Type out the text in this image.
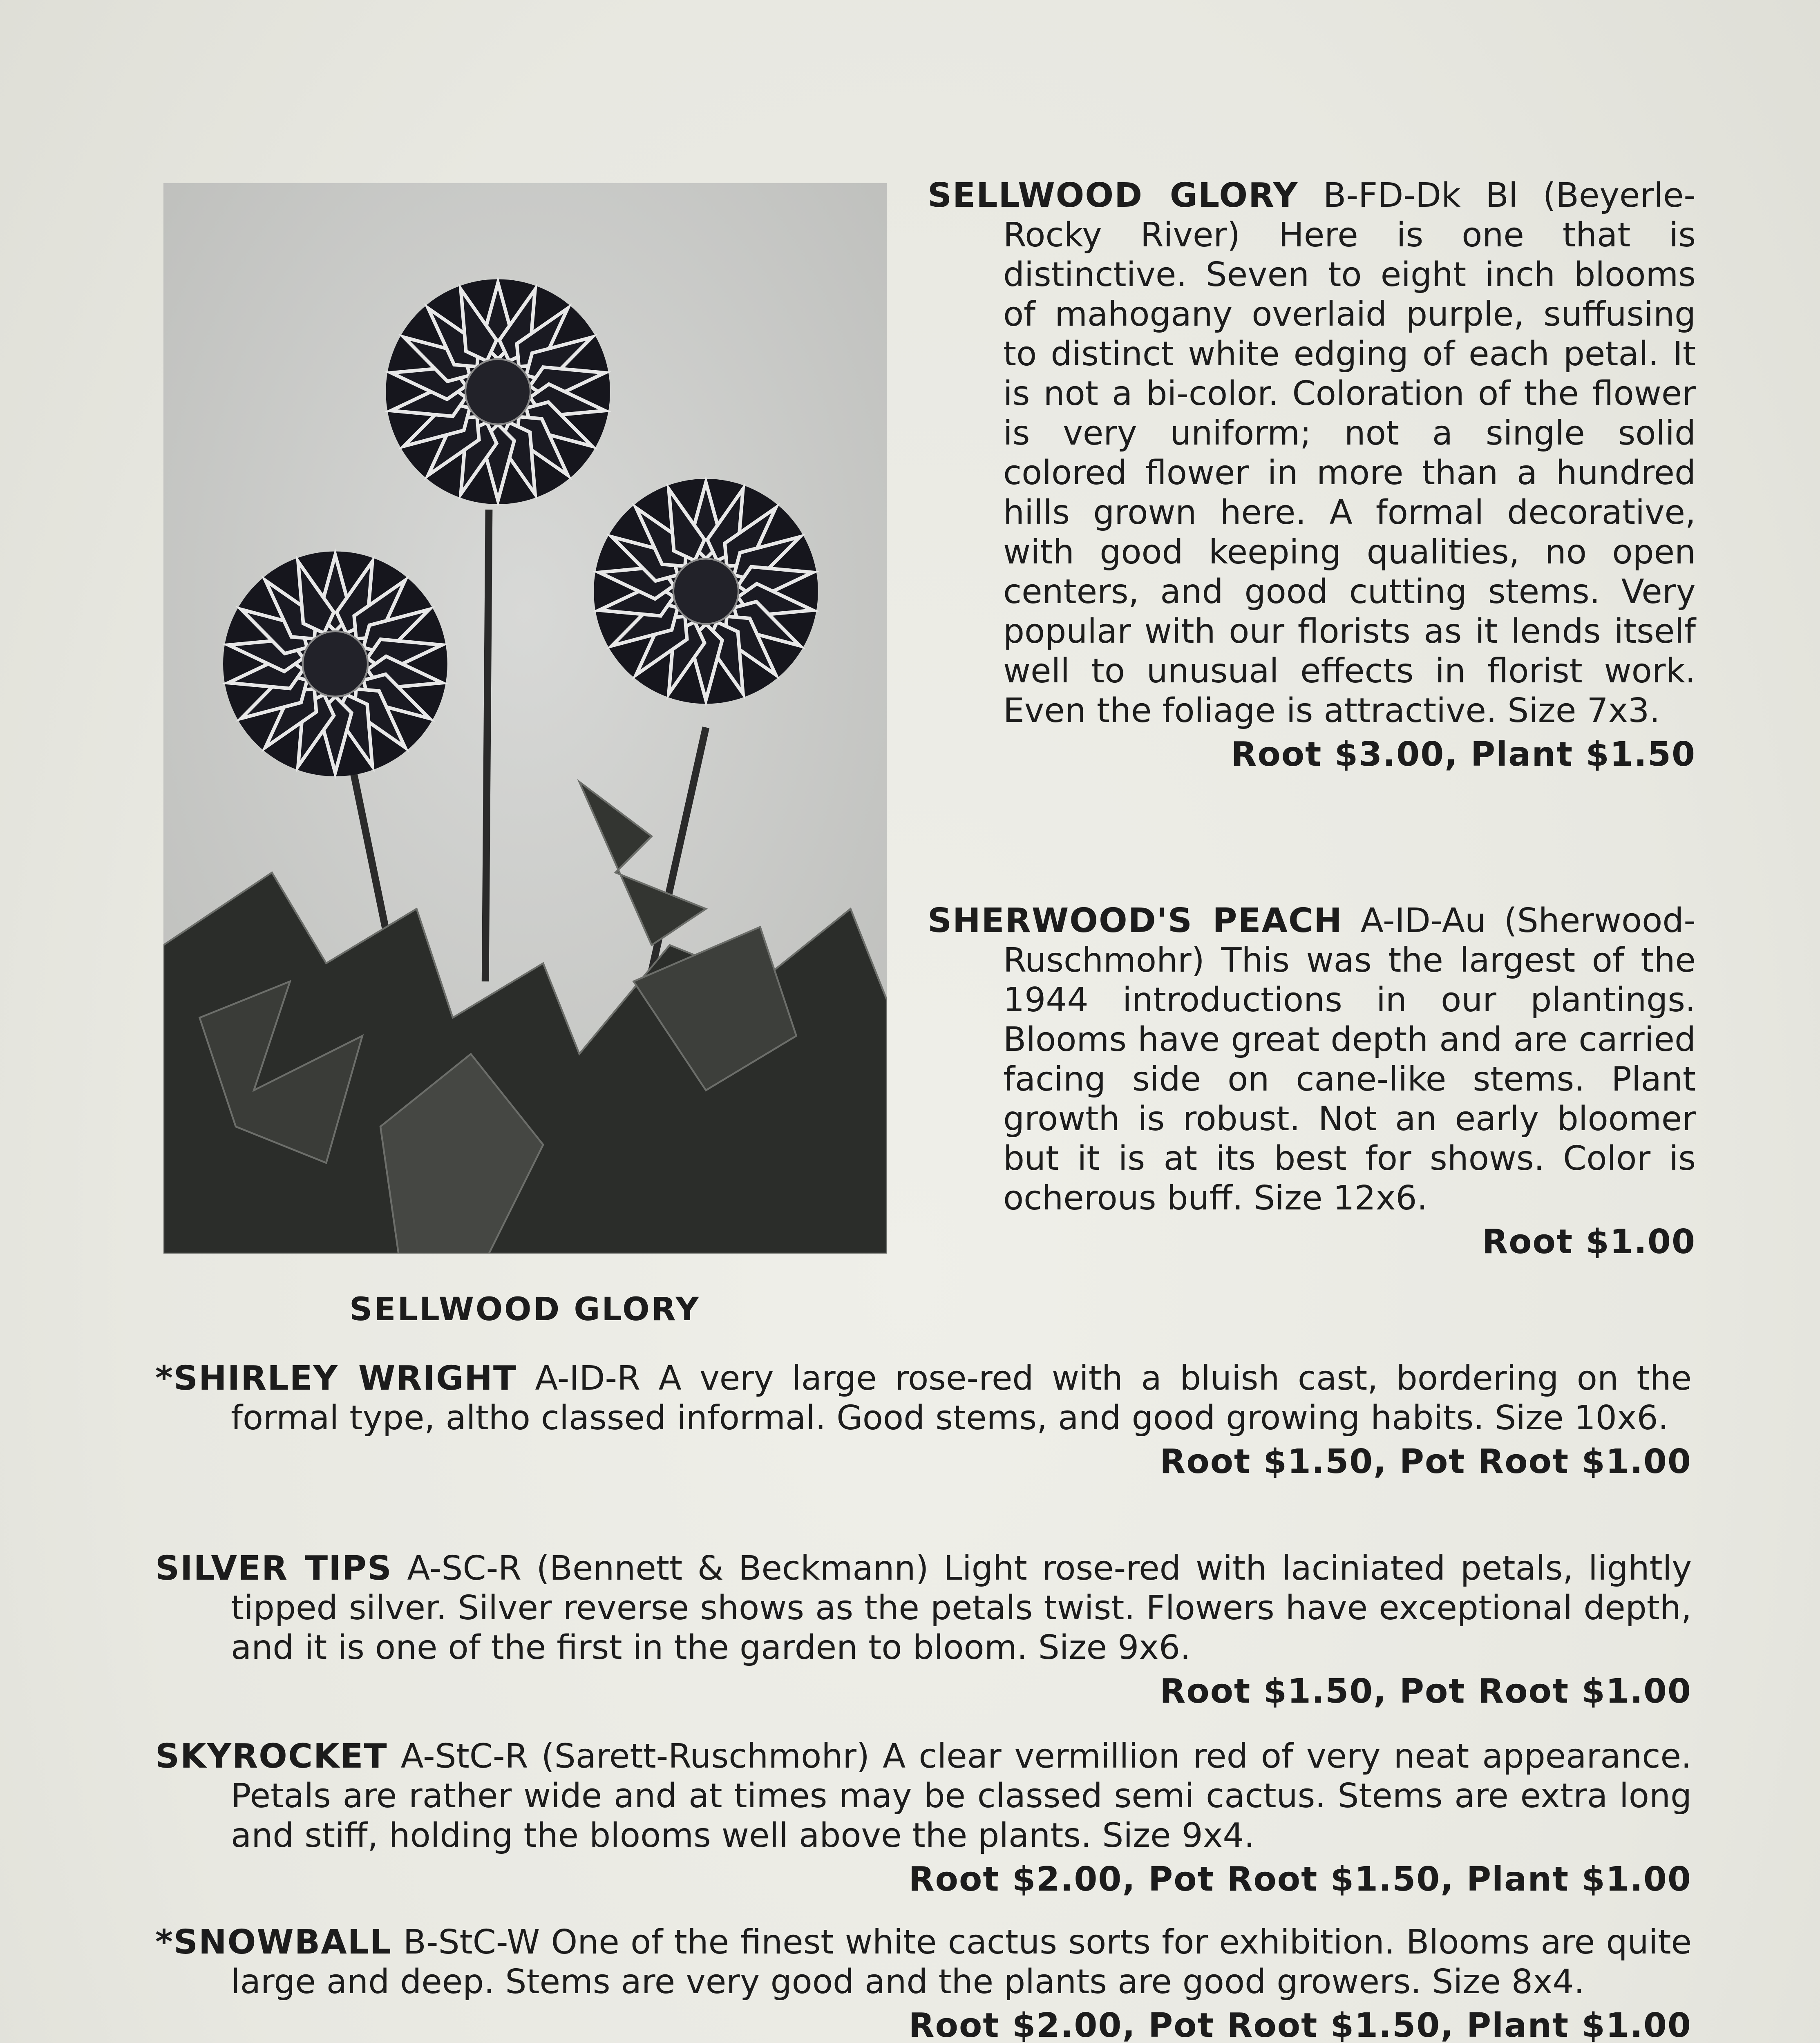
SELLWOOD GLORY
SELLWOOD GLORY B-FD-Dk Bl (Beyerle-Rocky River) Here is one that is distinctive. Seven to eight inch blooms of mahogany overlaid purple, suffusing to distinct white edging of each petal. It is not a bi-color. Coloration of the flower is very uniform; not a single solid colored flower in more than a hundred hills grown here. A formal decorative, with good keeping qualities, no open centers, and good cutting stems. Very popular with our florists as it lends itself well to unusual effects in florist work. Even the foliage is attractive. Size 7x3.
Root $3.00, Plant $1.50
SHERWOOD'S PEACH A-ID-Au (Sherwood-Ruschmohr) This was the largest of the 1944 introductions in our plantings. Blooms have great depth and are carried facing side on cane-like stems. Plant growth is robust. Not an early bloomer but it is at its best for shows. Color is ocherous buff. Size 12x6.
Root $1.00
*SHIRLEY WRIGHT A-ID-R A very large rose-red with a bluish cast, bordering on the formal type, altho classed informal. Good stems, and good growing habits. Size 10x6.
Root $1.50, Pot Root $1.00
SILVER TIPS A-SC-R (Bennett & Beckmann) Light rose-red with laciniated petals, lightly tipped silver. Silver reverse shows as the petals twist. Flowers have exceptional depth, and it is one of the first in the garden to bloom. Size 9x6.
Root $1.50, Pot Root $1.00
SKYROCKET A-StC-R (Sarett-Ruschmohr) A clear vermillion red of very neat appearance. Petals are rather wide and at times may be classed semi cactus. Stems are extra long and stiff, holding the blooms well above the plants. Size 9x4.
Root $2.00, Pot Root $1.50, Plant $1.00
*SNOWBALL B-StC-W One of the finest white cactus sorts for exhibition. Blooms are quite large and deep. Stems are very good and the plants are good growers. Size 8x4.
Root $2.00, Pot Root $1.50, Plant $1.00
